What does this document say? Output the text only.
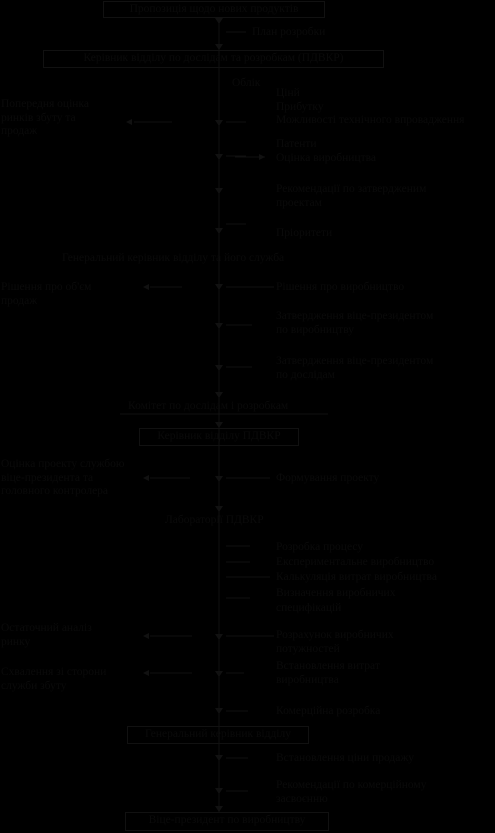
Пропозиція щодо нових продуктів
Керівник відділу по дослідам та розробкам (ПДВКР)
Керівник відділу ПДВКР
Генеральний керівник відділу
Віце-президент по виробництву
Облік
Генеральний керівник відділу та його служба
Комітет по дослідам і розробкам
Лабораторії ПДВКР
Попередня оцінка
ринків збуту та
продаж
Рішення про об'єм
продаж
Оцінка проекту службою
віце-президента та
головного контролера
Остаточний аналіз
ринку
Схвалення зі сторони
служби збуту
План розробки
Цінй
Прибутку
Можливості технічного впровадження
Патенти
Оцінка виробництва
Рекомендації по затвердженим
проектам
Пріоритети
Рішення про виробництво
Затвердження віце-президентом
по виробництву
Затвердження віце-президентом
по дослідам
Формування проекту
Розробка процесу
Експериментальне виробництво
Калькуляція витрат виробництва
Визначення виробничих
специфікацій
Розрахунок виробничих
потужностей
Встановлення витрат
виробництва
Комерційна розробка
Встановлення ціни продажу
Рекомендації по комерційному
засвоєнню
